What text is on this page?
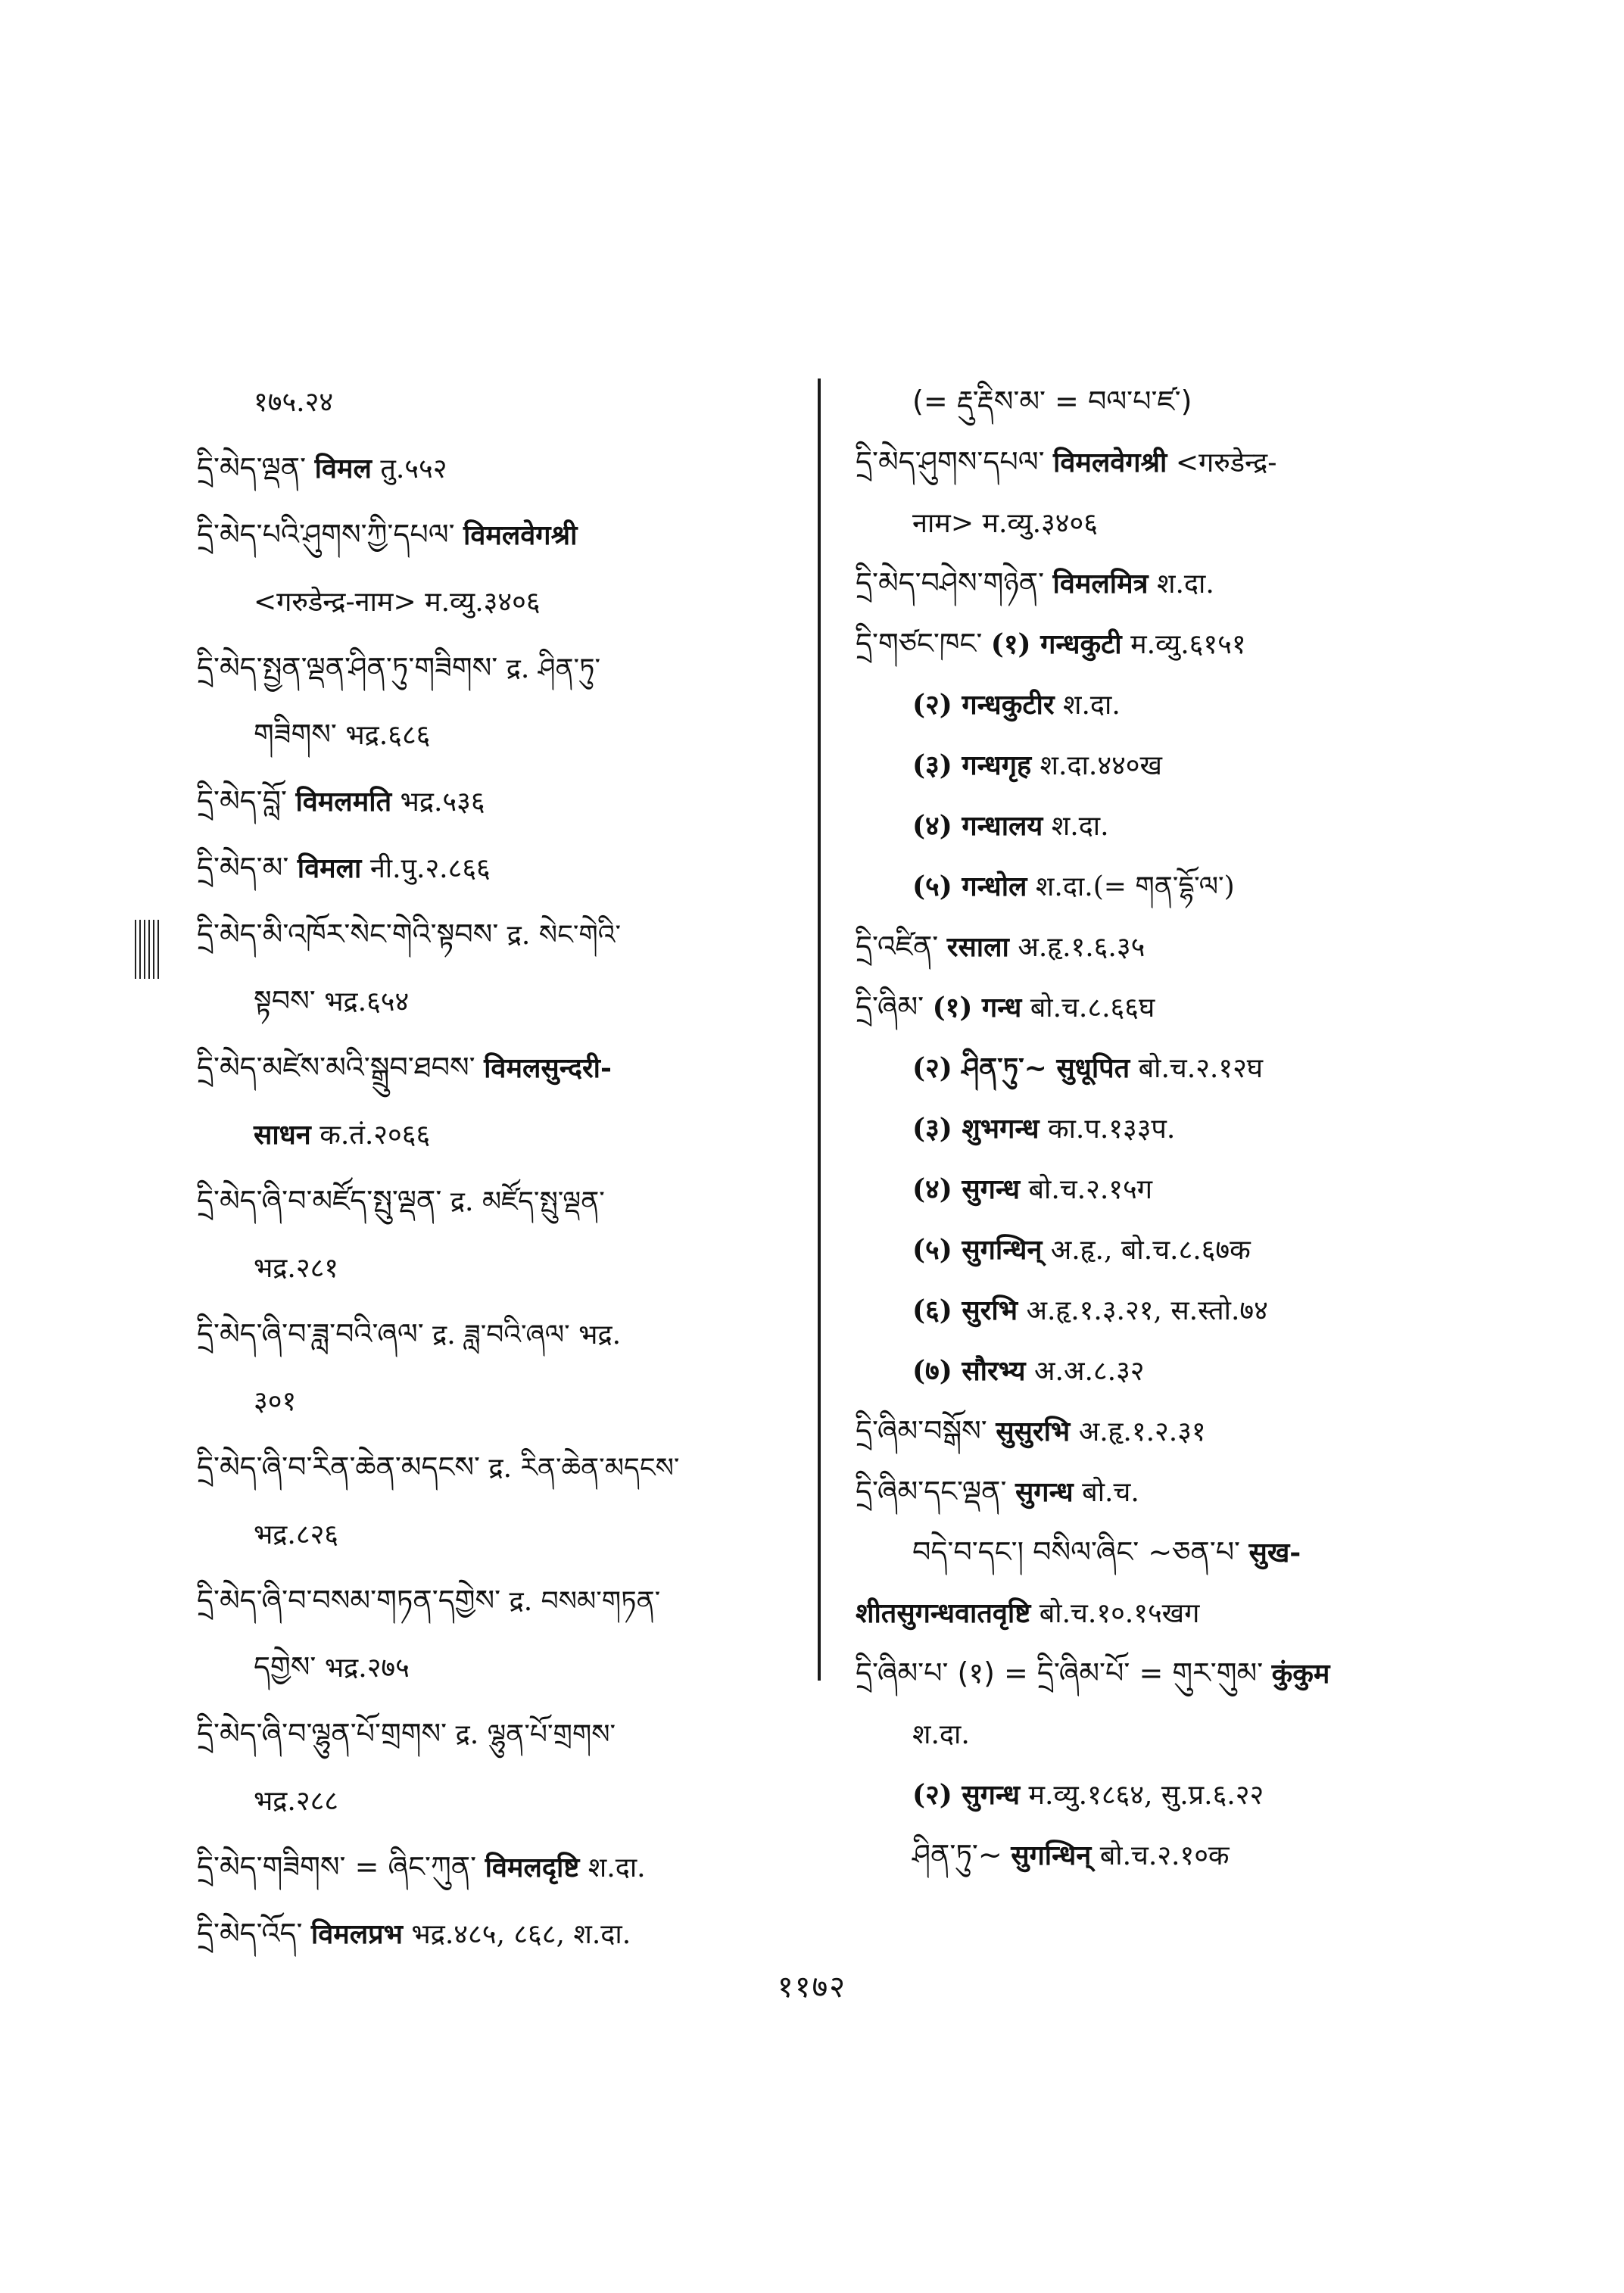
१७५.२४
དྲི་མེད་ལྡན་ विमल तु.५५२
དྲི་མེད་པའི་ཤུགས་ཀྱི་དཔལ་ विमलवेगश्री
<गरुडेन्द्र-नाम> म.व्यु.३४०६
དྲི་མེད་སྤྱན་ལྡན་ཤིན་ཏུ་གཟིགས་ द्र. ཤིན་ཏུ་
གཟིགས་ भद्र.६८६
དྲི་མེད་བློ་ विमलमति भद्र.५३६
དྲི་མེད་མ་ विमला नी.पु.२.८६६
དྲི་མེད་མི་འཁོར་སེང་གེའི་སྟབས་ द्र. སེང་གེའི་
སྟབས་ भद्र.६५४
དྲི་མེད་མཛེས་མའི་སྒྲུབ་ཐབས་ विमलसुन्दरी-
साधन क.तं.२०६६
དྲི་མེད་ཞི་བ་མཛོད་སྤུ་ལྡན་ द्र. མཛོད་སྤུ་ལྡན་
भद्र.२८१
དྲི་མེད་ཞི་བ་ཟླ་བའི་ཞལ་ द्र. ཟླ་བའི་ཞལ་ भद्र.
३०१
དྲི་མེད་ཞི་བ་རིན་ཆེན་མདངས་ द्र. རིན་ཆེན་མདངས་
भद्र.८२६
དྲི་མེད་ཞི་བ་བསམ་གཏན་དགྱེས་ द्र. བསམ་གཏན་
དགྱེས་ भद्र.२७५
དྲི་མེད་ཞི་བ་ལྷུན་པོ་གྲགས་ द्र. ལྷུན་པོ་གྲགས་
भद्र.२८८
དྲི་མེད་གཟིགས་ = ཞིང་ཀུན་ विमलदृष्टि श.दा.
དྲི་མེད་འོད་ विमलप्रभ भद्र.४८५, ८६८, श.दा.
(= རྡུ་རྡིས་མ་ = བལ་པ་ཛ་)
དྲི་མེད་ཤུགས་དཔལ་ विमलवेगश्री <गरुडेन्द्र-
नाम> म.व्यु.३४०६
དྲི་མེད་བཤེས་གཉེན་ विमलमित्र श.दा.
དྲི་གཙང་ཁང་ (१) गन्धकुटी म.व्यु.६१५१
(२) गन्धकुटीर श.दा.
(३) गन्धगृह श.दा.४४०ख
(४) गन्धालय श.दा.
(५) गन्धोल श.दा.(= གན་དྷོ་ལ་)
དྲི་འཛིན་ रसाला अ.हृ.१.६.३५
དྲི་ཞིམ་ (१) गन्ध बो.च.८.६६घ
(२) ཤིན་ཏུ་~ सुधूपित बो.च.२.१२घ
(३) शुभगन्ध का.प.१३३प.
(४) सुगन्ध बो.च.२.१५ग
(५) सुगन्धिन् अ.हृ., बो.च.८.६७क
(६) सुरभि अ.हृ.१.३.२१, स.स्तो.७४
(७) सौरभ्य अ.अ.८.३२
དྲི་ཞིམ་བསྒོས་ सुसुरभि अ.हृ.१.२.३१
དྲི་ཞིམ་དང་ལྡན་ सुगन्ध बो.च.
བདེ་བ་དང་། བསིལ་ཞིང་ ~ཅན་པ་ सुख-
शीतसुगन्धवातवृष्टि बो.च.१०.१५खग
དྲི་ཞིམ་པ་ (१) = དྲི་ཞིམ་པོ་ = གུར་གུམ་ कुंकुम
श.दा.
(२) सुगन्ध म.व्यु.१८६४, सु.प्र.६.२२
ཤིན་ཏུ་~ सुगन्धिन् बो.च.२.१०क
११७२
